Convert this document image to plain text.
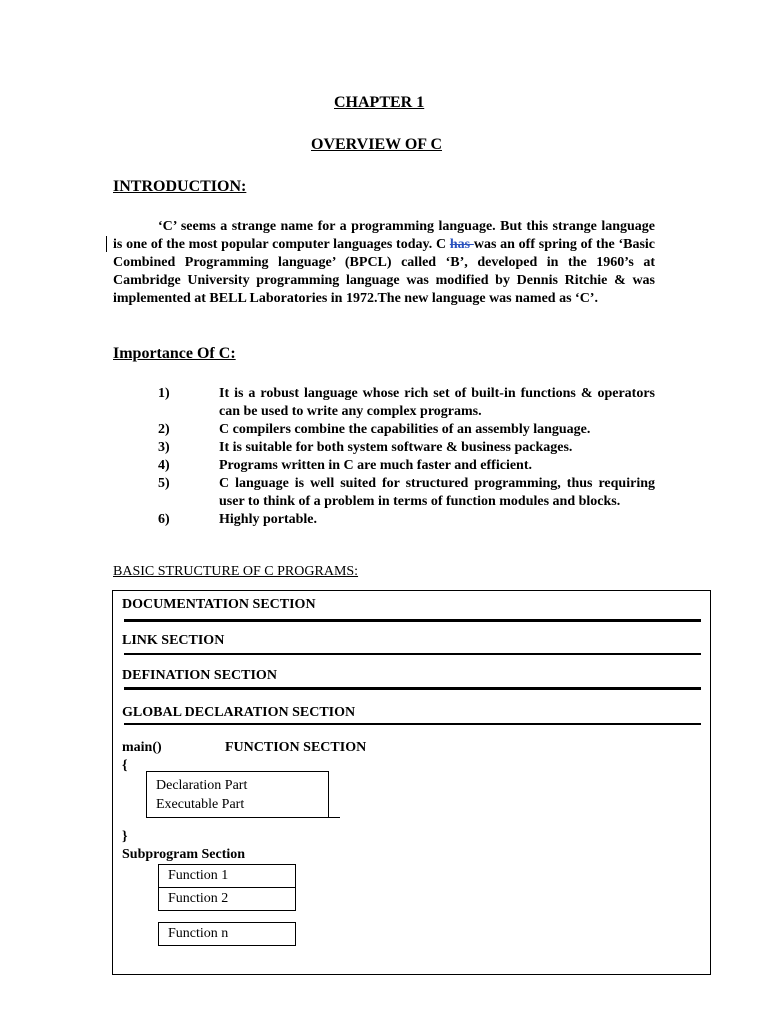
CHAPTER 1
OVERVIEW OF C
INTRODUCTION:
‘C’ seems a strange name for a programming language. But this strange language is one of the most popular computer languages today. C has was an off spring of the ‘Basic Combined Programming language’ (BPCL) called ‘B’, developed in the 1960’s at Cambridge University programming language was modified by Dennis Ritchie & was implemented at BELL Laboratories in 1972.The new language was named as ‘C’.
Importance Of C:
1)	It is a robust language whose rich set of built-in functions & operators can be used to write any complex programs.
2)	C compilers combine the capabilities of an assembly language.
3)	It is suitable for both system software & business packages.
4)	Programs written in C are much faster and efficient.
5)	C language is well suited for structured programming, thus requiring user to think of a problem in terms of function modules and blocks.
6)	Highly portable.
BASIC STRUCTURE OF C PROGRAMS:
DOCUMENTATION SECTION
LINK SECTION
DEFINATION SECTION
GLOBAL DECLARATION SECTION
main()	FUNCTION SECTION
{
Declaration Part
Executable Part
}
Subprogram Section
Function 1
Function 2
Function n
